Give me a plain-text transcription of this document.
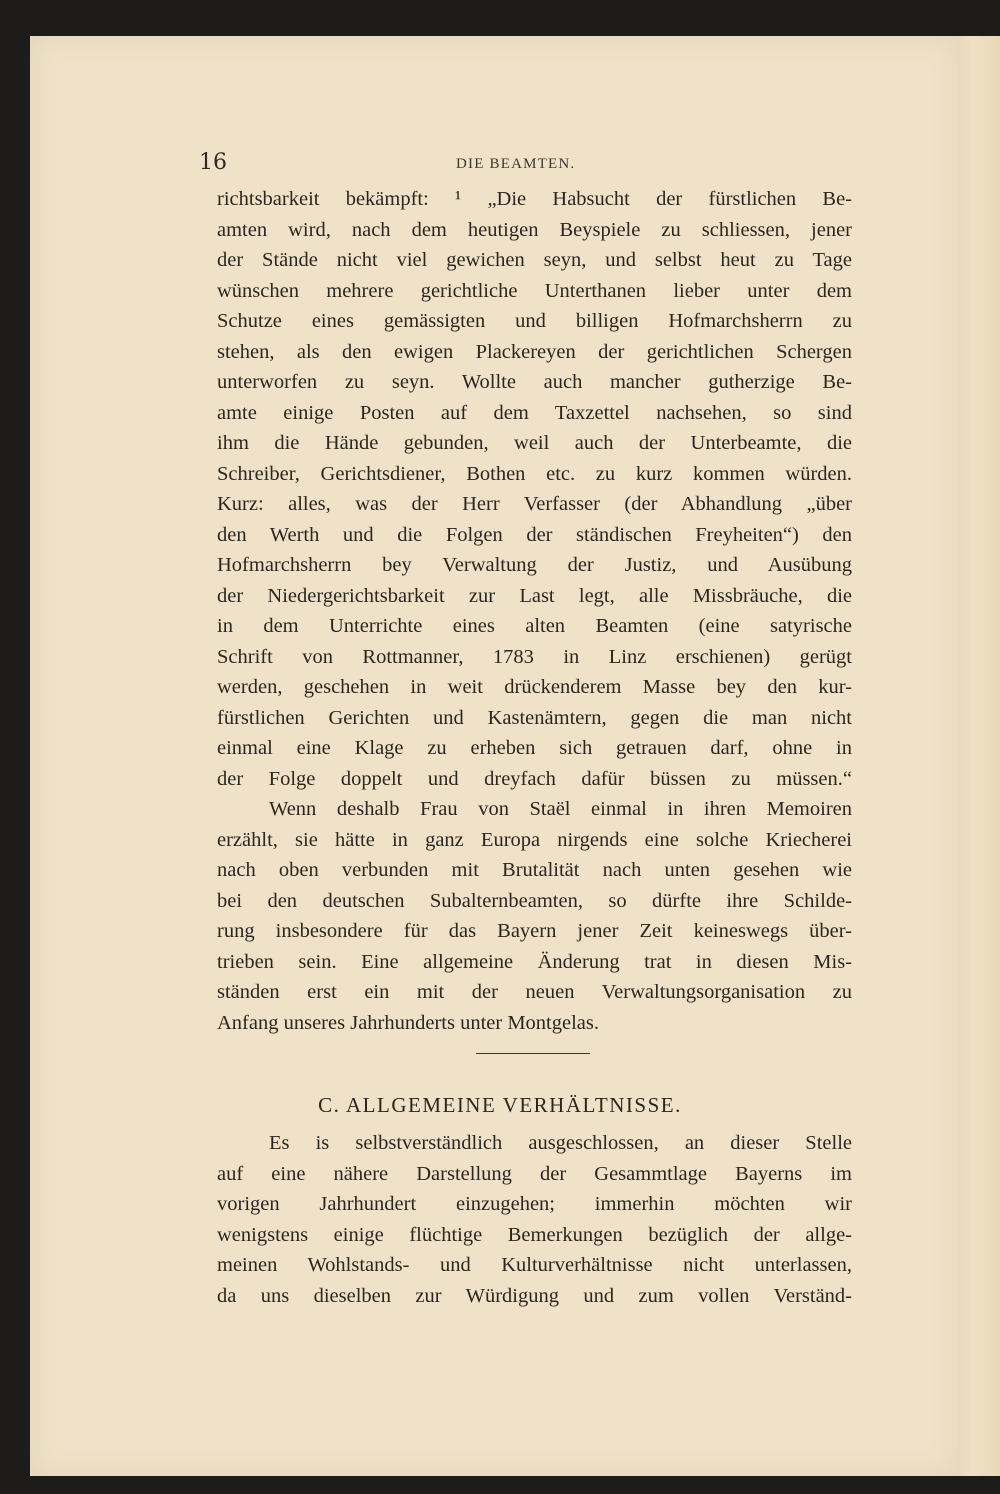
16	DIE BEAMTEN.
richtsbarkeit bekämpft: ¹ „Die Habsucht der fürstlichen Be-
amten wird, nach dem heutigen Beyspiele zu schliessen, jener
der Stände nicht viel gewichen seyn, und selbst heut zu Tage
wünschen mehrere gerichtliche Unterthanen lieber unter dem
Schutze eines gemässigten und billigen Hofmarchsherrn zu
stehen, als den ewigen Plackereyen der gerichtlichen Schergen
unterworfen zu seyn. Wollte auch mancher gutherzige Be-
amte einige Posten auf dem Taxzettel nachsehen, so sind
ihm die Hände gebunden, weil auch der Unterbeamte, die
Schreiber, Gerichtsdiener, Bothen etc. zu kurz kommen würden.
Kurz: alles, was der Herr Verfasser (der Abhandlung „über
den Werth und die Folgen der ständischen Freyheiten“) den
Hofmarchsherrn bey Verwaltung der Justiz, und Ausübung
der Niedergerichtsbarkeit zur Last legt, alle Missbräuche, die
in dem Unterrichte eines alten Beamten (eine satyrische
Schrift von Rottmanner, 1783 in Linz erschienen) gerügt
werden, geschehen in weit drückenderem Masse bey den kur-
fürstlichen Gerichten und Kastenämtern, gegen die man nicht
einmal eine Klage zu erheben sich getrauen darf, ohne in
der Folge doppelt und dreyfach dafür büssen zu müssen.“
Wenn deshalb Frau von Staël einmal in ihren Memoiren
erzählt, sie hätte in ganz Europa nirgends eine solche Kriecherei
nach oben verbunden mit Brutalität nach unten gesehen wie
bei den deutschen Subalternbeamten, so dürfte ihre Schilde-
rung insbesondere für das Bayern jener Zeit keineswegs über-
trieben sein. Eine allgemeine Änderung trat in diesen Mis-
ständen erst ein mit der neuen Verwaltungsorganisation zu
Anfang unseres Jahrhunderts unter Montgelas.
C. ALLGEMEINE VERHÄLTNISSE.
Es is selbstverständlich ausgeschlossen, an dieser Stelle
auf eine nähere Darstellung der Gesammtlage Bayerns im
vorigen Jahrhundert einzugehen; immerhin möchten wir
wenigstens einige flüchtige Bemerkungen bezüglich der allge-
meinen Wohlstands- und Kulturverhältnisse nicht unterlassen,
da uns dieselben zur Würdigung und zum vollen Verständ-
